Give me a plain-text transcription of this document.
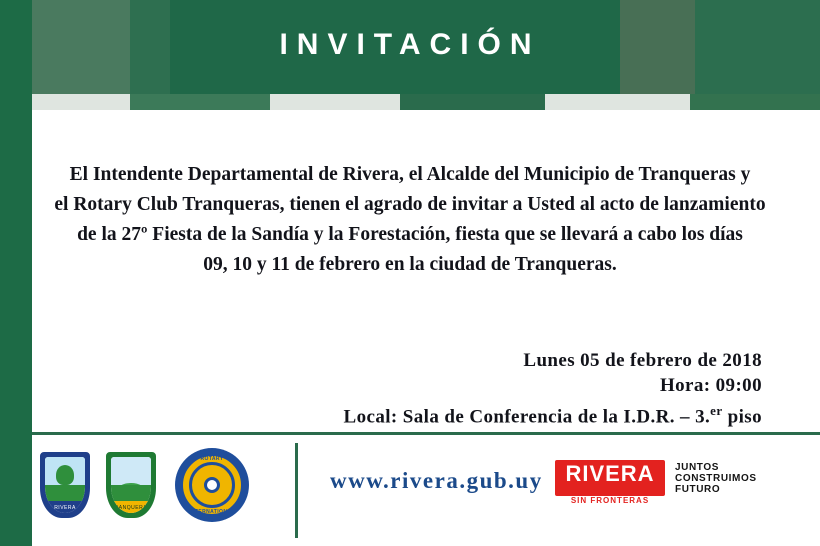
INVITACIÓN
El Intendente Departamental de Rivera, el Alcalde del Municipio de Tranqueras y
el Rotary Club Tranqueras, tienen el agrado de invitar a Usted al acto de lanzamiento
de la 27º Fiesta de la Sandía y la Forestación, fiesta que se llevará a cabo los días
09, 10 y 11 de febrero en la ciudad de Tranqueras.
Lunes 05 de febrero de 2018
Hora: 09:00
Local: Sala de Conferencia de la I.D.R. – 3.$^{er}$ piso
RIVERA	TRANQUERAS
ROTARY
INTERNATIONAL
www.rivera.gub.uy	RIVERA
SIN FRONTERAS
JUNTOS
CONSTRUIMOS
FUTURO
